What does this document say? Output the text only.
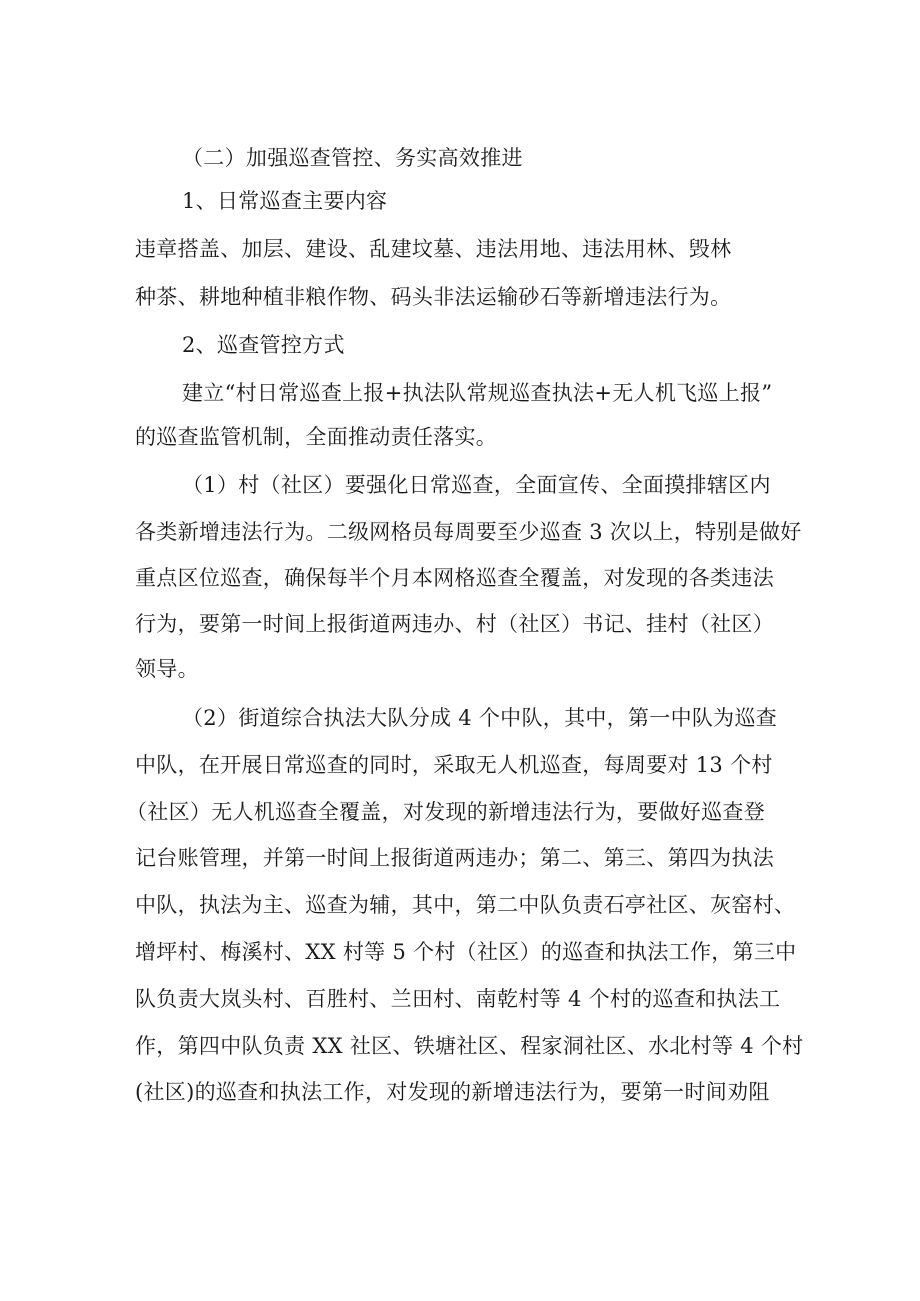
（二）加强巡查管控、务实高效推进
1、日常巡查主要内容
违章搭盖、加层、建设、乱建坟墓、违法用地、违法用林、毁林
种茶、耕地种植非粮作物、码头非法运输砂石等新增违法行为。
2、巡查管控方式
建立“村日常巡查上报+执法队常规巡查执法+无人机飞巡上报”
的巡查监管机制，全面推动责任落实。
（1）村（社区）要强化日常巡查，全面宣传、全面摸排辖区内
各类新增违法行为。二级网格员每周要至少巡查 3 次以上，特别是做好
重点区位巡查，确保每半个月本网格巡查全覆盖，对发现的各类违法
行为，要第一时间上报街道两违办、村（社区）书记、挂村（社区）
领导。
（2）街道综合执法大队分成 4 个中队，其中，第一中队为巡查
中队，在开展日常巡查的同时，采取无人机巡查，每周要对 13 个村
（社区）无人机巡查全覆盖，对发现的新增违法行为，要做好巡查登
记台账管理，并第一时间上报街道两违办；第二、第三、第四为执法
中队，执法为主、巡查为辅，其中，第二中队负责石亭社区、灰窑村、
增坪村、梅溪村、XX 村等 5 个村（社区）的巡查和执法工作，第三中
队负责大岚头村、百胜村、兰田村、南乾村等 4 个村的巡查和执法工
作，第四中队负责 XX 社区、铁塘社区、程家洞社区、水北村等 4 个村
(社区)的巡查和执法工作，对发现的新增违法行为，要第一时间劝阻
